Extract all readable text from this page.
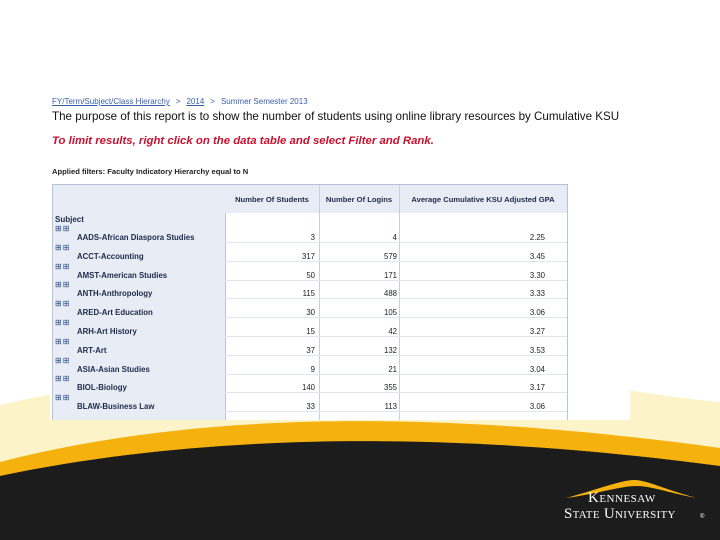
Kennesaw
State University	®
FY/Term/Subject/Class Hierarchy > 2014 > Summer Semester 2013
The purpose of this report is to show the number of students using online library resources by Cumulative KSU
To limit results, right click on the data table and select Filter and Rank.
Applied filters: Faculty Indicatory Hierarchy equal to N
Number Of Students	Number Of Logins	Average Cumulative KSU Adjusted GPA
Subject
⊞⊞
AADS-African Diaspora Studies	3	4	2.25
⊞⊞
ACCT-Accounting	317	579	3.45
⊞⊞
AMST-American Studies	50	171	3.30
⊞⊞
ANTH-Anthropology	115	488	3.33
⊞⊞
ARED-Art Education	30	105	3.06
⊞⊞
ARH-Art History	15	42	3.27
⊞⊞
ART-Art	37	132	3.53
⊞⊞
ASIA-Asian Studies	9	21	3.04
⊞⊞
BIOL-Biology	140	355	3.17
⊞⊞
BLAW-Business Law	33	113	3.06
